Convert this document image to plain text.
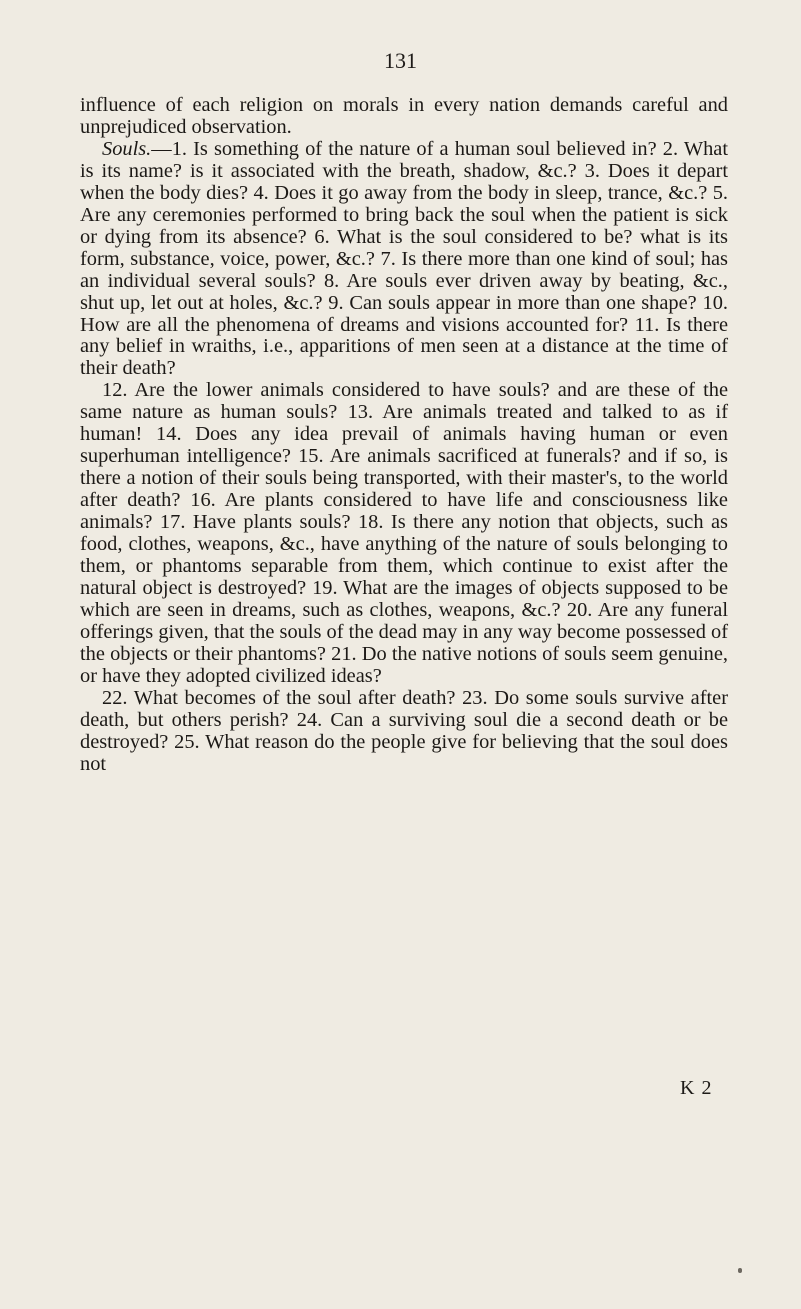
131

influence of each religion on morals in every nation demands careful and unprejudiced observation.

Souls.—1. Is something of the nature of a human soul believed in? 2. What is its name? is it associated with the breath, shadow, &c.? 3. Does it depart when the body dies? 4. Does it go away from the body in sleep, trance, &c.? 5. Are any ceremonies performed to bring back the soul when the patient is sick or dying from its absence? 6. What is the soul considered to be? what is its form, substance, voice, power, &c.? 7. Is there more than one kind of soul; has an individual several souls? 8. Are souls ever driven away by beating, &c., shut up, let out at holes, &c.? 9. Can souls appear in more than one shape? 10. How are all the phenomena of dreams and visions accounted for? 11. Is there any belief in wraiths, i.e., apparitions of men seen at a distance at the time of their death?

12. Are the lower animals considered to have souls? and are these of the same nature as human souls? 13. Are animals treated and talked to as if human! 14. Does any idea prevail of animals having human or even superhuman intelligence? 15. Are animals sacrificed at funerals? and if so, is there a notion of their souls being transported, with their master's, to the world after death? 16. Are plants considered to have life and consciousness like animals? 17. Have plants souls? 18. Is there any notion that objects, such as food, clothes, weapons, &c., have anything of the nature of souls belonging to them, or phantoms separable from them, which continue to exist after the natural object is destroyed? 19. What are the images of objects supposed to be which are seen in dreams, such as clothes, weapons, &c.? 20. Are any funeral offerings given, that the souls of the dead may in any way become possessed of the objects or their phantoms? 21. Do the native notions of souls seem genuine, or have they adopted civilized ideas?

22. What becomes of the soul after death? 23. Do some souls survive after death, but others perish? 24. Can a surviving soul die a second death or be destroyed? 25. What reason do the people give for believing that the soul does not

K 2
